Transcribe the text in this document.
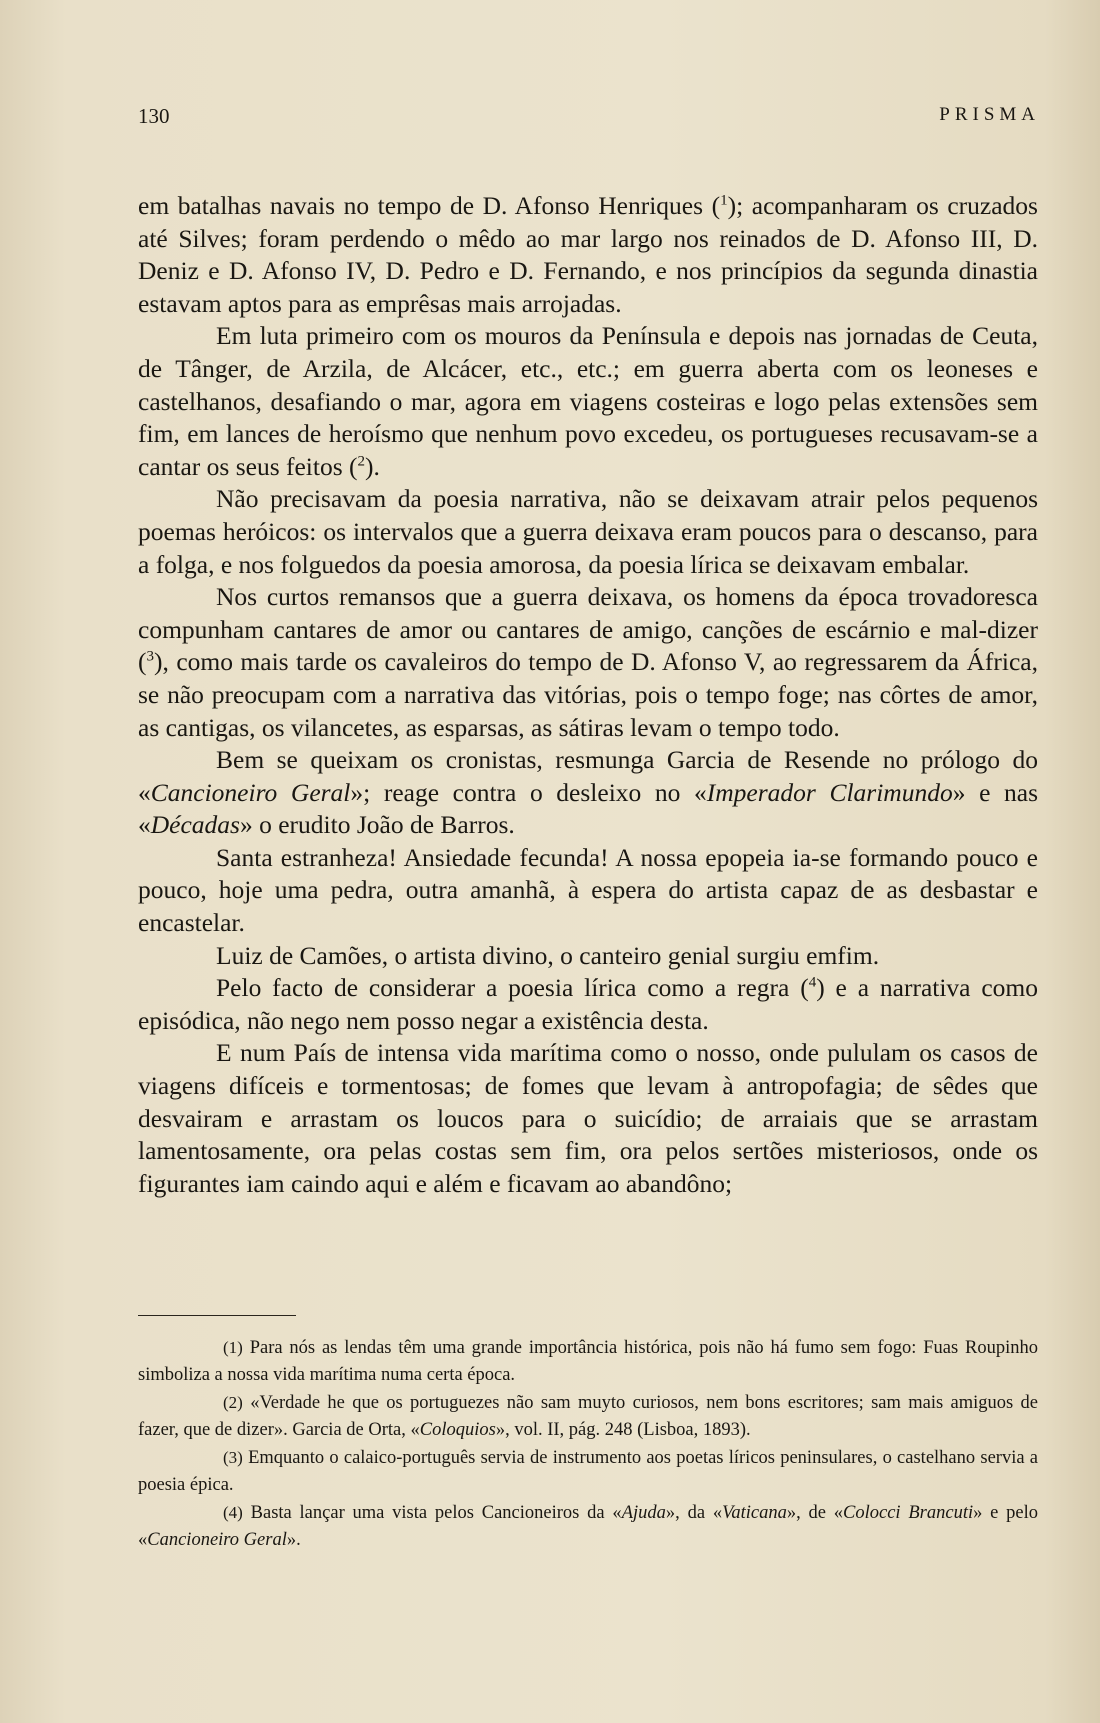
130	PRISMA

em batalhas navais no tempo de D. Afonso Henriques ($^1$); acompanharam os cruzados até Silves; foram perdendo o mêdo ao mar largo nos reinados de D. Afonso III, D. Deniz e D. Afonso IV, D. Pedro e D. Fernando, e nos princípios da segunda dinastia estavam aptos para as emprêsas mais arrojadas.

Em luta primeiro com os mouros da Península e depois nas jornadas de Ceuta, de Tânger, de Arzila, de Alcácer, etc., etc.; em guerra aberta com os leoneses e castelhanos, desafiando o mar, agora em viagens costeiras e logo pelas extensões sem fim, em lances de heroísmo que nenhum povo excedeu, os portugueses recusavam-se a cantar os seus feitos ($^2$).

Não precisavam da poesia narrativa, não se deixavam atrair pelos pequenos poemas heróicos: os intervalos que a guerra deixava eram poucos para o descanso, para a folga, e nos folguedos da poesia amorosa, da poesia lírica se deixavam embalar.

Nos curtos remansos que a guerra deixava, os homens da época trovadoresca compunham cantares de amor ou cantares de amigo, canções de escárnio e mal-dizer ($^3$), como mais tarde os cavaleiros do tempo de D. Afonso V, ao regressarem da África, se não preocupam com a narrativa das vitórias, pois o tempo foge; nas côrtes de amor, as cantigas, os vilancetes, as esparsas, as sátiras levam o tempo todo.

Bem se queixam os cronistas, resmunga Garcia de Resende no prólogo do «Cancioneiro Geral»; reage contra o desleixo no «Imperador Clarimundo» e nas «Décadas» o erudito João de Barros.

Santa estranheza! Ansiedade fecunda! A nossa epopeia ia-se formando pouco e pouco, hoje uma pedra, outra amanhã, à espera do artista capaz de as desbastar e encastelar.

Luiz de Camões, o artista divino, o canteiro genial surgiu emfim.

Pelo facto de considerar a poesia lírica como a regra ($^4$) e a narrativa como episódica, não nego nem posso negar a existência desta.

E num País de intensa vida marítima como o nosso, onde pululam os casos de viagens difíceis e tormentosas; de fomes que levam à antropofagia; de sêdes que desvairam e arrastam os loucos para o suicídio; de arraiais que se arrastam lamentosamente, ora pelas costas sem fim, ora pelos sertões misteriosos, onde os figurantes iam caindo aqui e além e ficavam ao abandôno;

(1) Para nós as lendas têm uma grande importância histórica, pois não há fumo sem fogo: Fuas Roupinho simboliza a nossa vida marítima numa certa época.

(2) «Verdade he que os portuguezes não sam muyto curiosos, nem bons escritores; sam mais amiguos de fazer, que de dizer». Garcia de Orta, «Coloquios», vol. II, pág. 248 (Lisboa, 1893).

(3) Emquanto o calaico-português servia de instrumento aos poetas líricos peninsulares, o castelhano servia a poesia épica.

(4) Basta lançar uma vista pelos Cancioneiros da «Ajuda», da «Vaticana», de «Colocci Brancuti» e pelo «Cancioneiro Geral».
